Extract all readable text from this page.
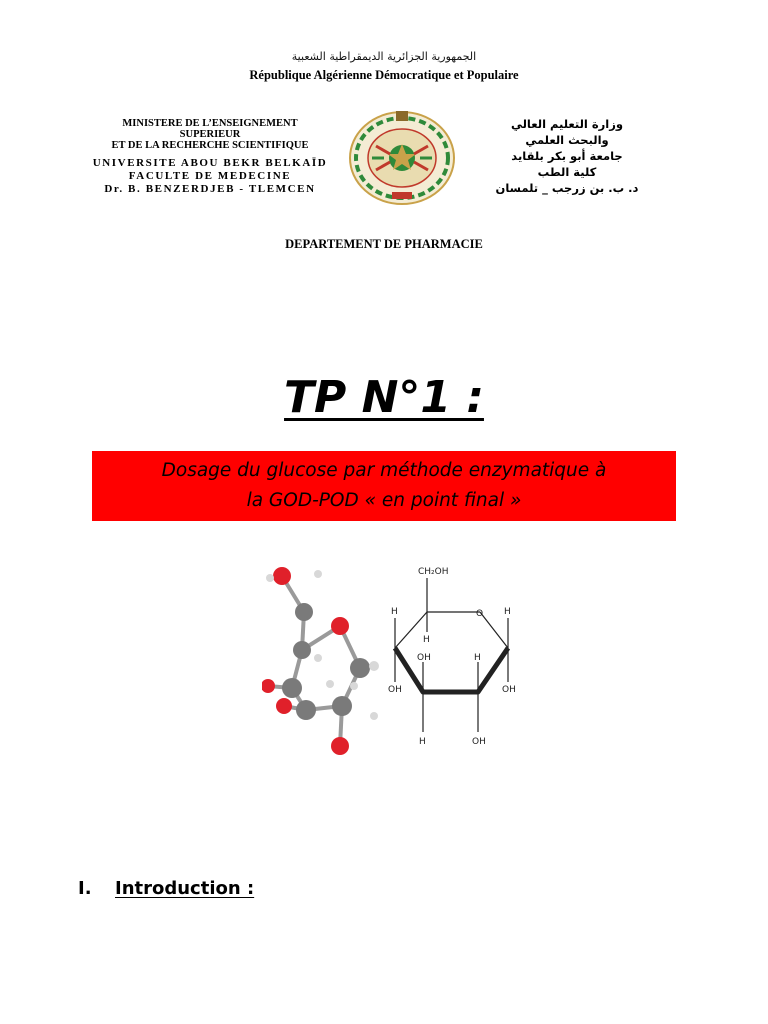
الجمهورية الجزائرية الديمقراطية الشعبية
République Algérienne Démocratique et Populaire
MINISTERE DE L’ENSEIGNEMENT
SUPERIEUR
ET DE LA RECHERCHE SCIENTIFIQUE
UNIVERSITE ABOU BEKR BELKAÏD
FACULTE DE MEDECINE
Dr. B. BENZERDJEB - TLEMCEN
وزارة التعليم العالي
والبحث العلمي
جامعة أبو بكر بلقايد
كلية الطب
د. ب. بن زرجب _ تلمسان
DEPARTEMENT DE PHARMACIE
TP N°1 :
Dosage du glucose par méthode enzymatique à
la GOD-POD « en point final »
CH₂OH
O
H
H
OH
H
OH
OH
H
H
OH
I. Introduction :
